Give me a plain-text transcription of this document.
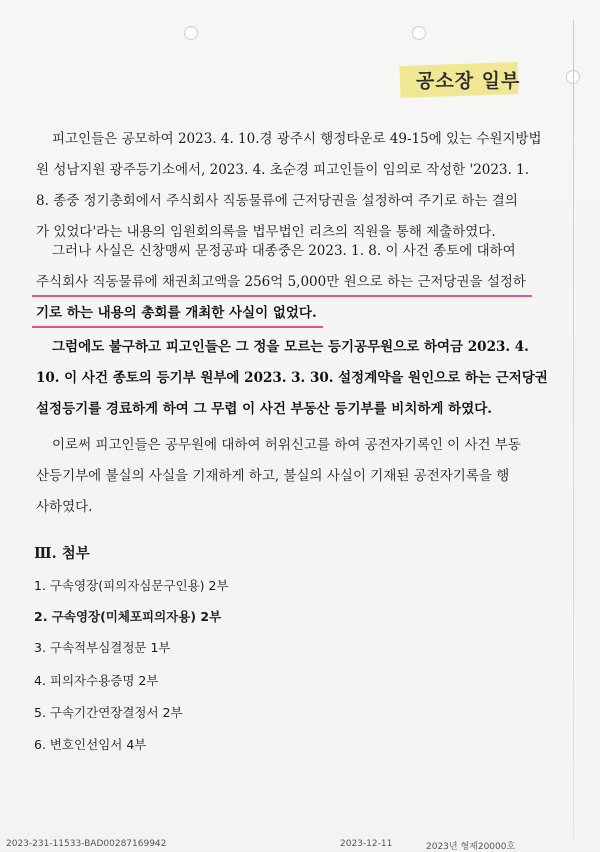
공소장 일부
피고인들은 공모하여 2023. 4. 10.경 광주시 행정타운로 49-15에 있는 수원지방법
원 성남지원 광주등기소에서, 2023. 4. 초순경 피고인들이 임의로 작성한 '2023. 1.
8. 종중 정기총회에서 주식회사 직동물류에 근저당권을 설정하여 주기로 하는 결의
가 있었다'라는 내용의 임원회의록을 법무법인 리츠의 직원을 통해 제출하였다.
그러나 사실은 신창맹씨 문정공파 대종중은 2023. 1. 8. 이 사건 종토에 대하여
주식회사 직동물류에 채권최고액을 256억 5,000만 원으로 하는 근저당권을 설정하
기로 하는 내용의 총회를 개최한 사실이 없었다.
그럼에도 불구하고 피고인들은 그 정을 모르는 등기공무원으로 하여금 2023. 4.
10. 이 사건 종토의 등기부 원부에 2023. 3. 30. 설정계약을 원인으로 하는 근저당권
설정등기를 경료하게 하여 그 무렵 이 사건 부동산 등기부를 비치하게 하였다.
이로써 피고인들은 공무원에 대하여 허위신고를 하여 공전자기록인 이 사건 부동
산등기부에 불실의 사실을 기재하게 하고, 불실의 사실이 기재된 공전자기록을 행
사하였다.
Ⅲ. 첨부
1. 구속영장(피의자심문구인용) 2부
2. 구속영장(미체포피의자용) 2부
3. 구속적부심결정문 1부
4. 피의자수용증명 2부
5. 구속기간연장결정서 2부
6. 변호인선임서 4부
2023-231-11533-BAD00287169942	2023-12-11	2023년 형제20000호
